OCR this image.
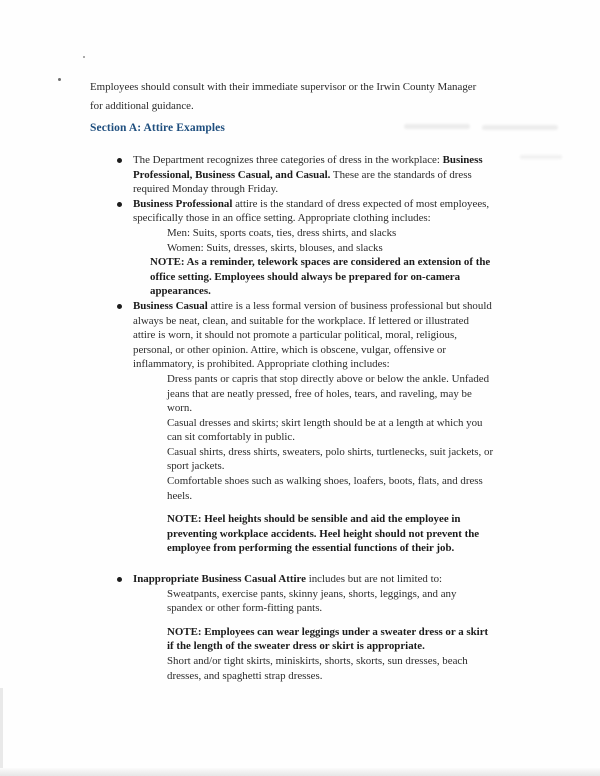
Employees should consult with their immediate supervisor or the Irwin County Manager
for additional guidance.
Section A: Attire Examples
The Department recognizes three categories of dress in the workplace: Business
Professional, Business Casual, and Casual. These are the standards of dress
required Monday through Friday.
Business Professional attire is the standard of dress expected of most employees,
specifically those in an office setting. Appropriate clothing includes:
Men: Suits, sports coats, ties, dress shirts, and slacks
Women: Suits, dresses, skirts, blouses, and slacks
NOTE: As a reminder, telework spaces are considered an extension of the
office setting. Employees should always be prepared for on-camera
appearances.
Business Casual attire is a less formal version of business professional but should
always be neat, clean, and suitable for the workplace. If lettered or illustrated
attire is worn, it should not promote a particular political, moral, religious,
personal, or other opinion. Attire, which is obscene, vulgar, offensive or
inflammatory, is prohibited. Appropriate clothing includes:
Dress pants or capris that stop directly above or below the ankle. Unfaded
jeans that are neatly pressed, free of holes, tears, and raveling, may be
worn.
Casual dresses and skirts; skirt length should be at a length at which you
can sit comfortably in public.
Casual shirts, dress shirts, sweaters, polo shirts, turtlenecks, suit jackets, or
sport jackets.
Comfortable shoes such as walking shoes, loafers, boots, flats, and dress
heels.
NOTE: Heel heights should be sensible and aid the employee in
preventing workplace accidents. Heel height should not prevent the
employee from performing the essential functions of their job.
Inappropriate Business Casual Attire includes but are not limited to:
Sweatpants, exercise pants, skinny jeans, shorts, leggings, and any
spandex or other form-fitting pants.
NOTE: Employees can wear leggings under a sweater dress or a skirt
if the length of the sweater dress or skirt is appropriate.
Short and/or tight skirts, miniskirts, shorts, skorts, sun dresses, beach
dresses, and spaghetti strap dresses.
